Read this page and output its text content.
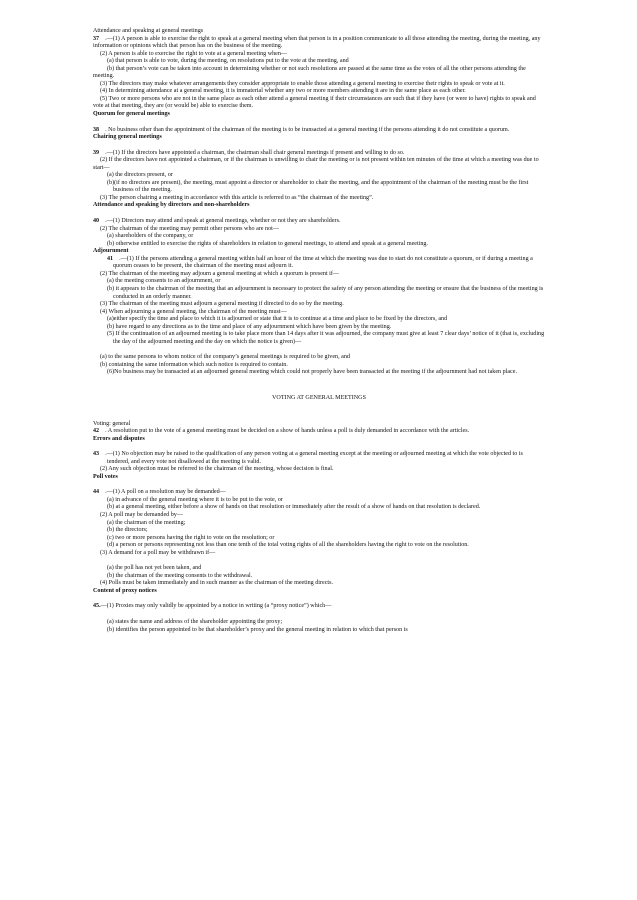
Attendance and speaking at general meetings

37 .—(1) A person is able to exercise the right to speak at a general meeting when that person is in a position communicate to all those attending the meeting, during the meeting, any information or opinions which that person has on the business of the meeting.

(2) A person is able to exercise the right to vote at a general meeting when—

(a) that person is able to vote, during the meeting, on resolutions put to the vote at the meeting, and

(b) that person’s vote can be taken into account in determining whether or not such resolutions are passed at the same time as the votes of all the other persons attending the meeting.

(3) The directors may make whatever arrangements they consider appropriate to enable those attending a general meeting to exercise their rights to speak or vote at it.

(4) In determining attendance at a general meeting, it is immaterial whether any two or more members attending it are in the same place as each other.

(5) Two or more persons who are not in the same place as each other attend a general meeting if their circumstances are such that if they have (or were to have) rights to speak and vote at that meeting, they are (or would be) able to exercise them.

Quorum for general meetings

38 . No business other than the appointment of the chairman of the meeting is to be transacted at a general meeting if the persons attending it do not constitute a quorum.

Chairing general meetings

39 .—(1) If the directors have appointed a chairman, the chairman shall chair general meetings if present and willing to do so.

(2) If the directors have not appointed a chairman, or if the chairman is unwilling to chair the meeting or is not present within ten minutes of the time at which a meeting was due to start—

(a) the directors present, or

(b)(if no directors are present), the meeting, must appoint a director or shareholder to chair the meeting, and the appointment of the chairman of the meeting must be the first business of the meeting.

(3) The person chairing a meeting in accordance with this article is referred to as “the chairman of the meeting”.

Attendance and speaking by directors and non-shareholders

40 .—(1) Directors may attend and speak at general meetings, whether or not they are shareholders.

(2) The chairman of the meeting may permit other persons who are not—

(a) shareholders of the company, or

(b) otherwise entitled to exercise the rights of shareholders in relation to general meetings, to attend and speak at a general meeting.

Adjournment

41 .—(1) If the persons attending a general meeting within half an hour of the time at which the meeting was due to start do not constitute a quorum, or if during a meeting a quorum ceases to be present, the chairman of the meeting must adjourn it.

(2) The chairman of the meeting may adjourn a general meeting at which a quorum is present if—

(a) the meeting consents to an adjournment, or

(b) it appears to the chairman of the meeting that an adjournment is necessary to protect the safety of any person attending the meeting or ensure that the business of the meeting is conducted in an orderly manner.

(3) The chairman of the meeting must adjourn a general meeting if directed to do so by the meeting.

(4) When adjourning a general meeting, the chairman of the meeting must—

(a)either specify the time and place to which it is adjourned or state that it is to continue at a time and place to be fixed by the directors, and

(b) have regard to any directions as to the time and place of any adjournment which have been given by the meeting.

(5) If the continuation of an adjourned meeting is to take place more than 14 days after it was adjourned, the company must give at least 7 clear days’ notice of it (that is, excluding the day of the adjourned meeting and the day on which the notice is given)—

(a) to the same persons to whom notice of the company’s general meetings is required to be given, and

(b) containing the same information which such notice is required to contain.

(6)No business may be transacted at an adjourned general meeting which could not properly have been transacted at the meeting if the adjournment had not taken place.

VOTING AT GENERAL MEETINGS

Voting: general

42 . A resolution put to the vote of a general meeting must be decided on a show of hands unless a poll is duly demanded in accordance with the articles.

Errors and disputes

43 .—(1) No objection may be raised to the qualification of any person voting at a general meeting except at the meeting or adjourned meeting at which the vote objected to is tendered, and every vote not disallowed at the meeting is valid.

(2) Any such objection must be referred to the chairman of the meeting, whose decision is final.

Poll votes

44 .—(1) A poll on a resolution may be demanded—

(a) in advance of the general meeting where it is to be put to the vote, or

(b) at a general meeting, either before a show of hands on that resolution or immediately after the result of a show of hands on that resolution is declared.

(2) A poll may be demanded by—

(a) the chairman of the meeting;

(b) the directors;

(c) two or more persons having the right to vote on the resolution; or

(d) a person or persons representing not less than one tenth of the total voting rights of all the shareholders having the right to vote on the resolution.

(3) A demand for a poll may be withdrawn if—

(a) the poll has not yet been taken, and

(b) the chairman of the meeting consents to the withdrawal.

(4) Polls must be taken immediately and in such manner as the chairman of the meeting directs.

Content of proxy notices

45.—(1) Proxies may only validly be appointed by a notice in writing (a “proxy notice”) which—

(a) states the name and address of the shareholder appointing the proxy;

(b) identifies the person appointed to be that shareholder’s proxy and the general meeting in relation to which that person is
